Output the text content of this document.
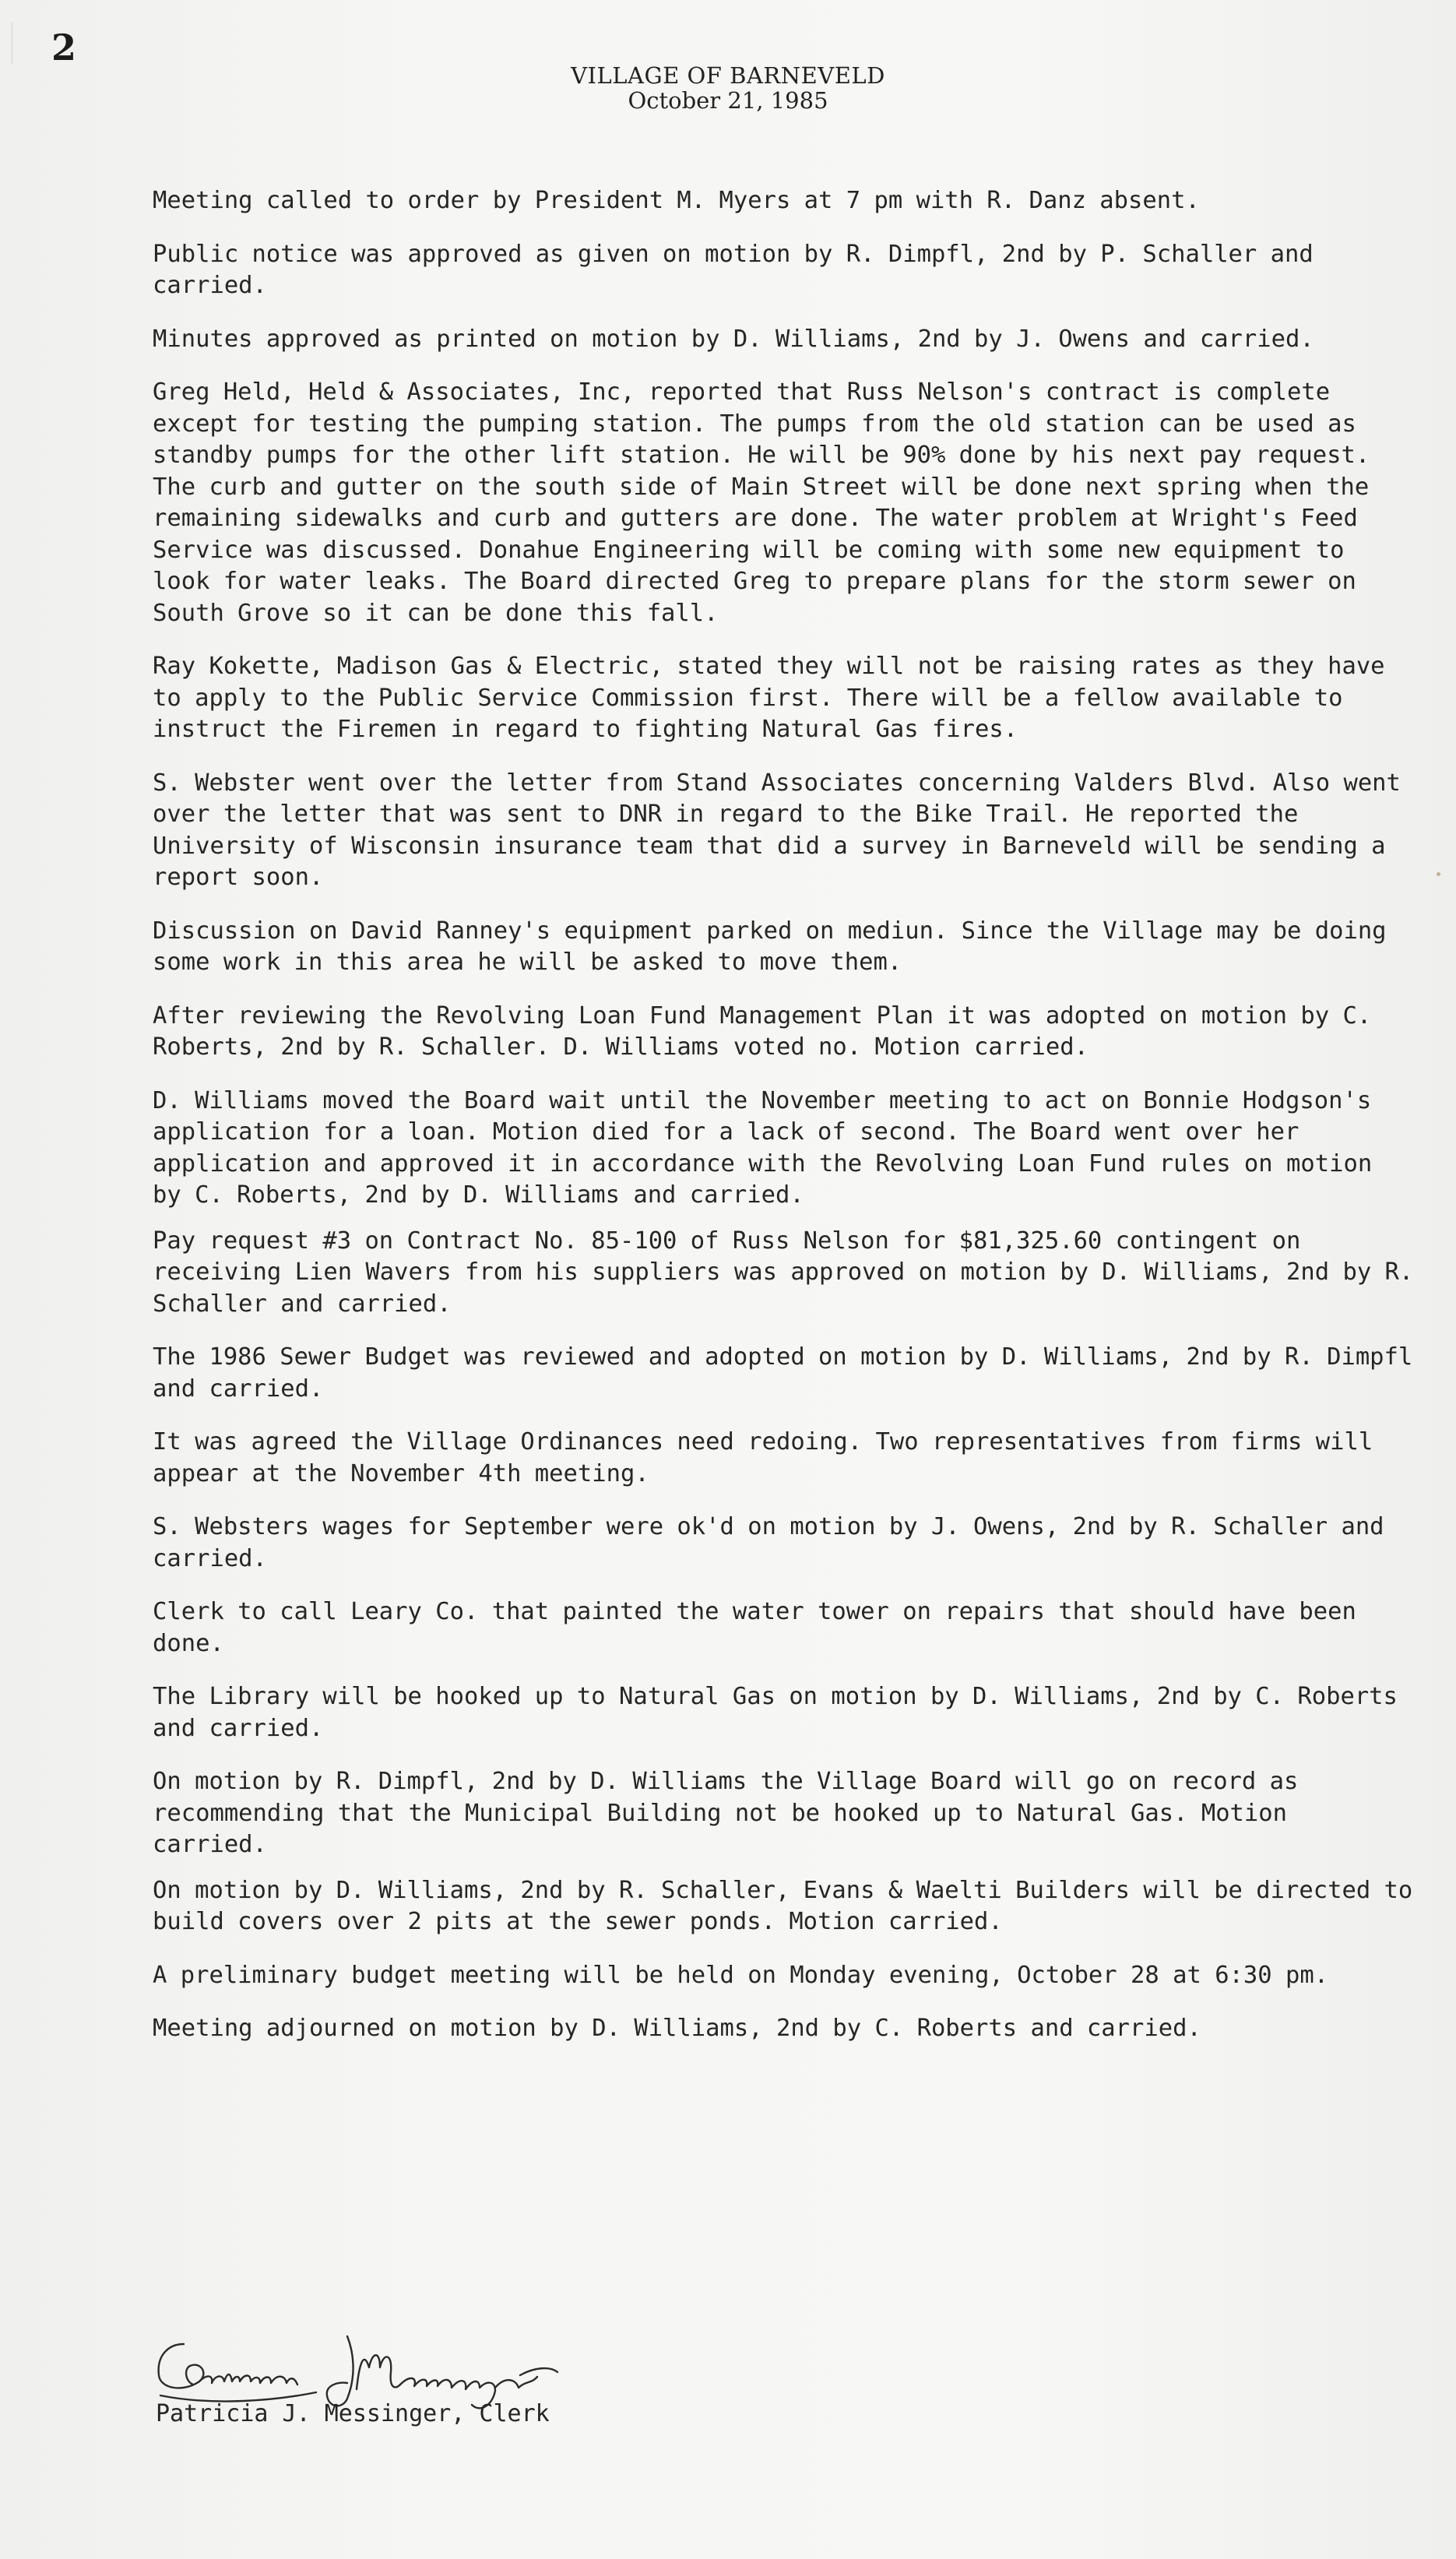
2
VILLAGE OF BARNEVELD
October 21, 1985

Meeting called to order by President M. Myers at 7 pm with R. Danz absent.

Public notice was approved as given on motion by R. Dimpfl, 2nd by P. Schaller and carried.

Minutes approved as printed on motion by D. Williams, 2nd by J. Owens and carried.

Greg Held, Held & Associates, Inc, reported that Russ Nelson's contract is complete except for testing the pumping station. The pumps from the old station can be used as standby pumps for the other lift station. He will be 90% done by his next pay request. The curb and gutter on the south side of Main Street will be done next spring when the remaining sidewalks and curb and gutters are done. The water problem at Wright's Feed Service was discussed. Donahue Engineering will be coming with some new equipment to look for water leaks. The Board directed Greg to prepare plans for the storm sewer on South Grove so it can be done this fall.

Ray Kokette, Madison Gas & Electric, stated they will not be raising rates as they have to apply to the Public Service Commission first. There will be a fellow available to instruct the Firemen in regard to fighting Natural Gas fires.

S. Webster went over the letter from Stand Associates concerning Valders Blvd. Also went over the letter that was sent to DNR in regard to the Bike Trail. He reported the University of Wisconsin insurance team that did a survey in Barneveld will be sending a report soon.

Discussion on David Ranney's equipment parked on mediun. Since the Village may be doing some work in this area he will be asked to move them.

After reviewing the Revolving Loan Fund Management Plan it was adopted on motion by C. Roberts, 2nd by R. Schaller. D. Williams voted no. Motion carried.

D. Williams moved the Board wait until the November meeting to act on Bonnie Hodgson's application for a loan. Motion died for a lack of second. The Board went over her application and approved it in accordance with the Revolving Loan Fund rules on motion by C. Roberts, 2nd by D. Williams and carried.

Pay request #3 on Contract No. 85-100 of Russ Nelson for $81,325.60 contingent on receiving Lien Wavers from his suppliers was approved on motion by D. Williams, 2nd by R. Schaller and carried.

The 1986 Sewer Budget was reviewed and adopted on motion by D. Williams, 2nd by R. Dimpfl and carried.

It was agreed the Village Ordinances need redoing. Two representatives from firms will appear at the November 4th meeting.

S. Websters wages for September were ok'd on motion by J. Owens, 2nd by R. Schaller and carried.

Clerk to call Leary Co. that painted the water tower on repairs that should have been done.

The Library will be hooked up to Natural Gas on motion by D. Williams, 2nd by C. Roberts and carried.

On motion by R. Dimpfl, 2nd by D. Williams the Village Board will go on record as recommending that the Municipal Building not be hooked up to Natural Gas. Motion carried.

On motion by D. Williams, 2nd by R. Schaller, Evans & Waelti Builders will be directed to build covers over 2 pits at the sewer ponds. Motion carried.

A preliminary budget meeting will be held on Monday evening, October 28 at 6:30 pm.

Meeting adjourned on motion by D. Williams, 2nd by C. Roberts and carried.

Patricia J. Messinger, Clerk
